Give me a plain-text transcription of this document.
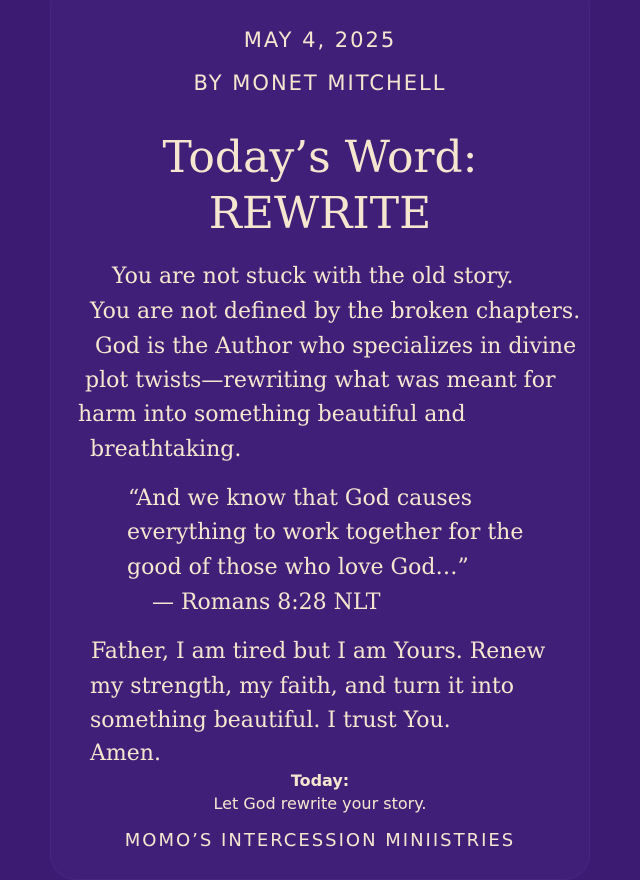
MAY 4, 2025
BY MONET MITCHELL
Today’s Word:
REWRITE
You are not stuck with the old story.
You are not defined by the broken chapters.
God is the Author who specializes in divine
plot twists—rewriting what was meant for
harm into something beautiful and
breathtaking.
“And we know that God causes
everything to work together for the
good of those who love God…”
— Romans 8:28 NLT
Father, I am tired but I am Yours. Renew
my strength, my faith, and turn it into
something beautiful. I trust You.
Amen.
Today:
Let God rewrite your story.
MOMO’S INTERCESSION MINIISTRIES
